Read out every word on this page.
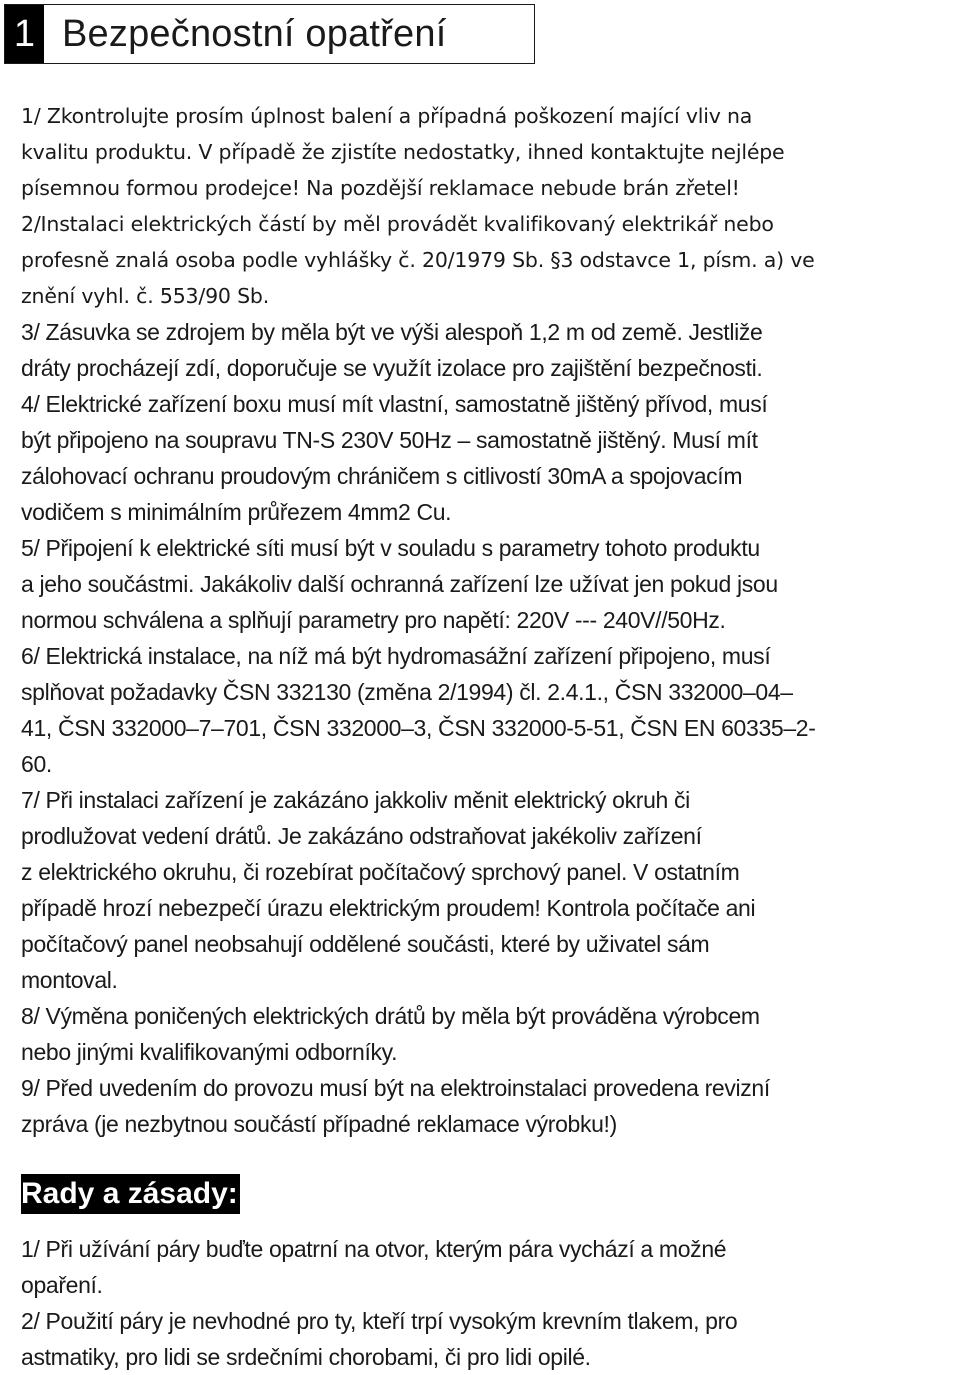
1 Bezpečnostní opatření
1/ Zkontrolujte prosím úplnost balení a případná poškození mající vliv na
kvalitu produktu. V případě že zjistíte nedostatky, ihned kontaktujte nejlépe
písemnou formou prodejce! Na pozdější reklamace nebude brán zřetel!
2/Instalaci elektrických částí by měl provádět kvalifikovaný elektrikář nebo
profesně znalá osoba podle vyhlášky č. 20/1979 Sb. §3 odstavce 1, písm. a) ve
znění vyhl. č. 553/90 Sb.
3/ Zásuvka se zdrojem by měla být ve výši alespoň 1,2 m od země. Jestliže
dráty procházejí zdí, doporučuje se využít izolace pro zajištění bezpečnosti.
4/ Elektrické zařízení boxu musí mít vlastní, samostatně jištěný přívod, musí
být připojeno na soupravu TN-S 230V 50Hz – samostatně jištěný. Musí mít
zálohovací ochranu proudovým chráničem s citlivostí 30mA a spojovacím
vodičem s minimálním průřezem 4mm2 Cu.
5/ Připojení k elektrické síti musí být v souladu s parametry tohoto produktu
a jeho součástmi. Jakákoliv další ochranná zařízení lze užívat jen pokud jsou
normou schválena a splňují parametry pro napětí: 220V --- 240V//50Hz.
6/ Elektrická instalace, na níž má být hydromasážní zařízení připojeno, musí
splňovat požadavky ČSN 332130 (změna 2/1994) čl. 2.4.1., ČSN 332000–04–
41, ČSN 332000–7–701, ČSN 332000–3, ČSN 332000-5-51, ČSN EN 60335–2-
60.
7/ Při instalaci zařízení je zakázáno jakkoliv měnit elektrický okruh či
prodlužovat vedení drátů. Je zakázáno odstraňovat jakékoliv zařízení
z elektrického okruhu, či rozebírat počítačový sprchový panel. V ostatním
případě hrozí nebezpečí úrazu elektrickým proudem! Kontrola počítače ani
počítačový panel neobsahují oddělené součásti, které by uživatel sám
montoval.
8/ Výměna poničených elektrických drátů by měla být prováděna výrobcem
nebo jinými kvalifikovanými odborníky.
9/ Před uvedením do provozu musí být na elektroinstalaci provedena revizní
zpráva (je nezbytnou součástí případné reklamace výrobku!)
Rady a zásady:
1/ Při užívání páry buďte opatrní na otvor, kterým pára vychází a možné
opaření.
2/ Použití páry je nevhodné pro ty, kteří trpí vysokým krevním tlakem, pro
astmatiky, pro lidi se srdečními chorobami, či pro lidi opilé.
